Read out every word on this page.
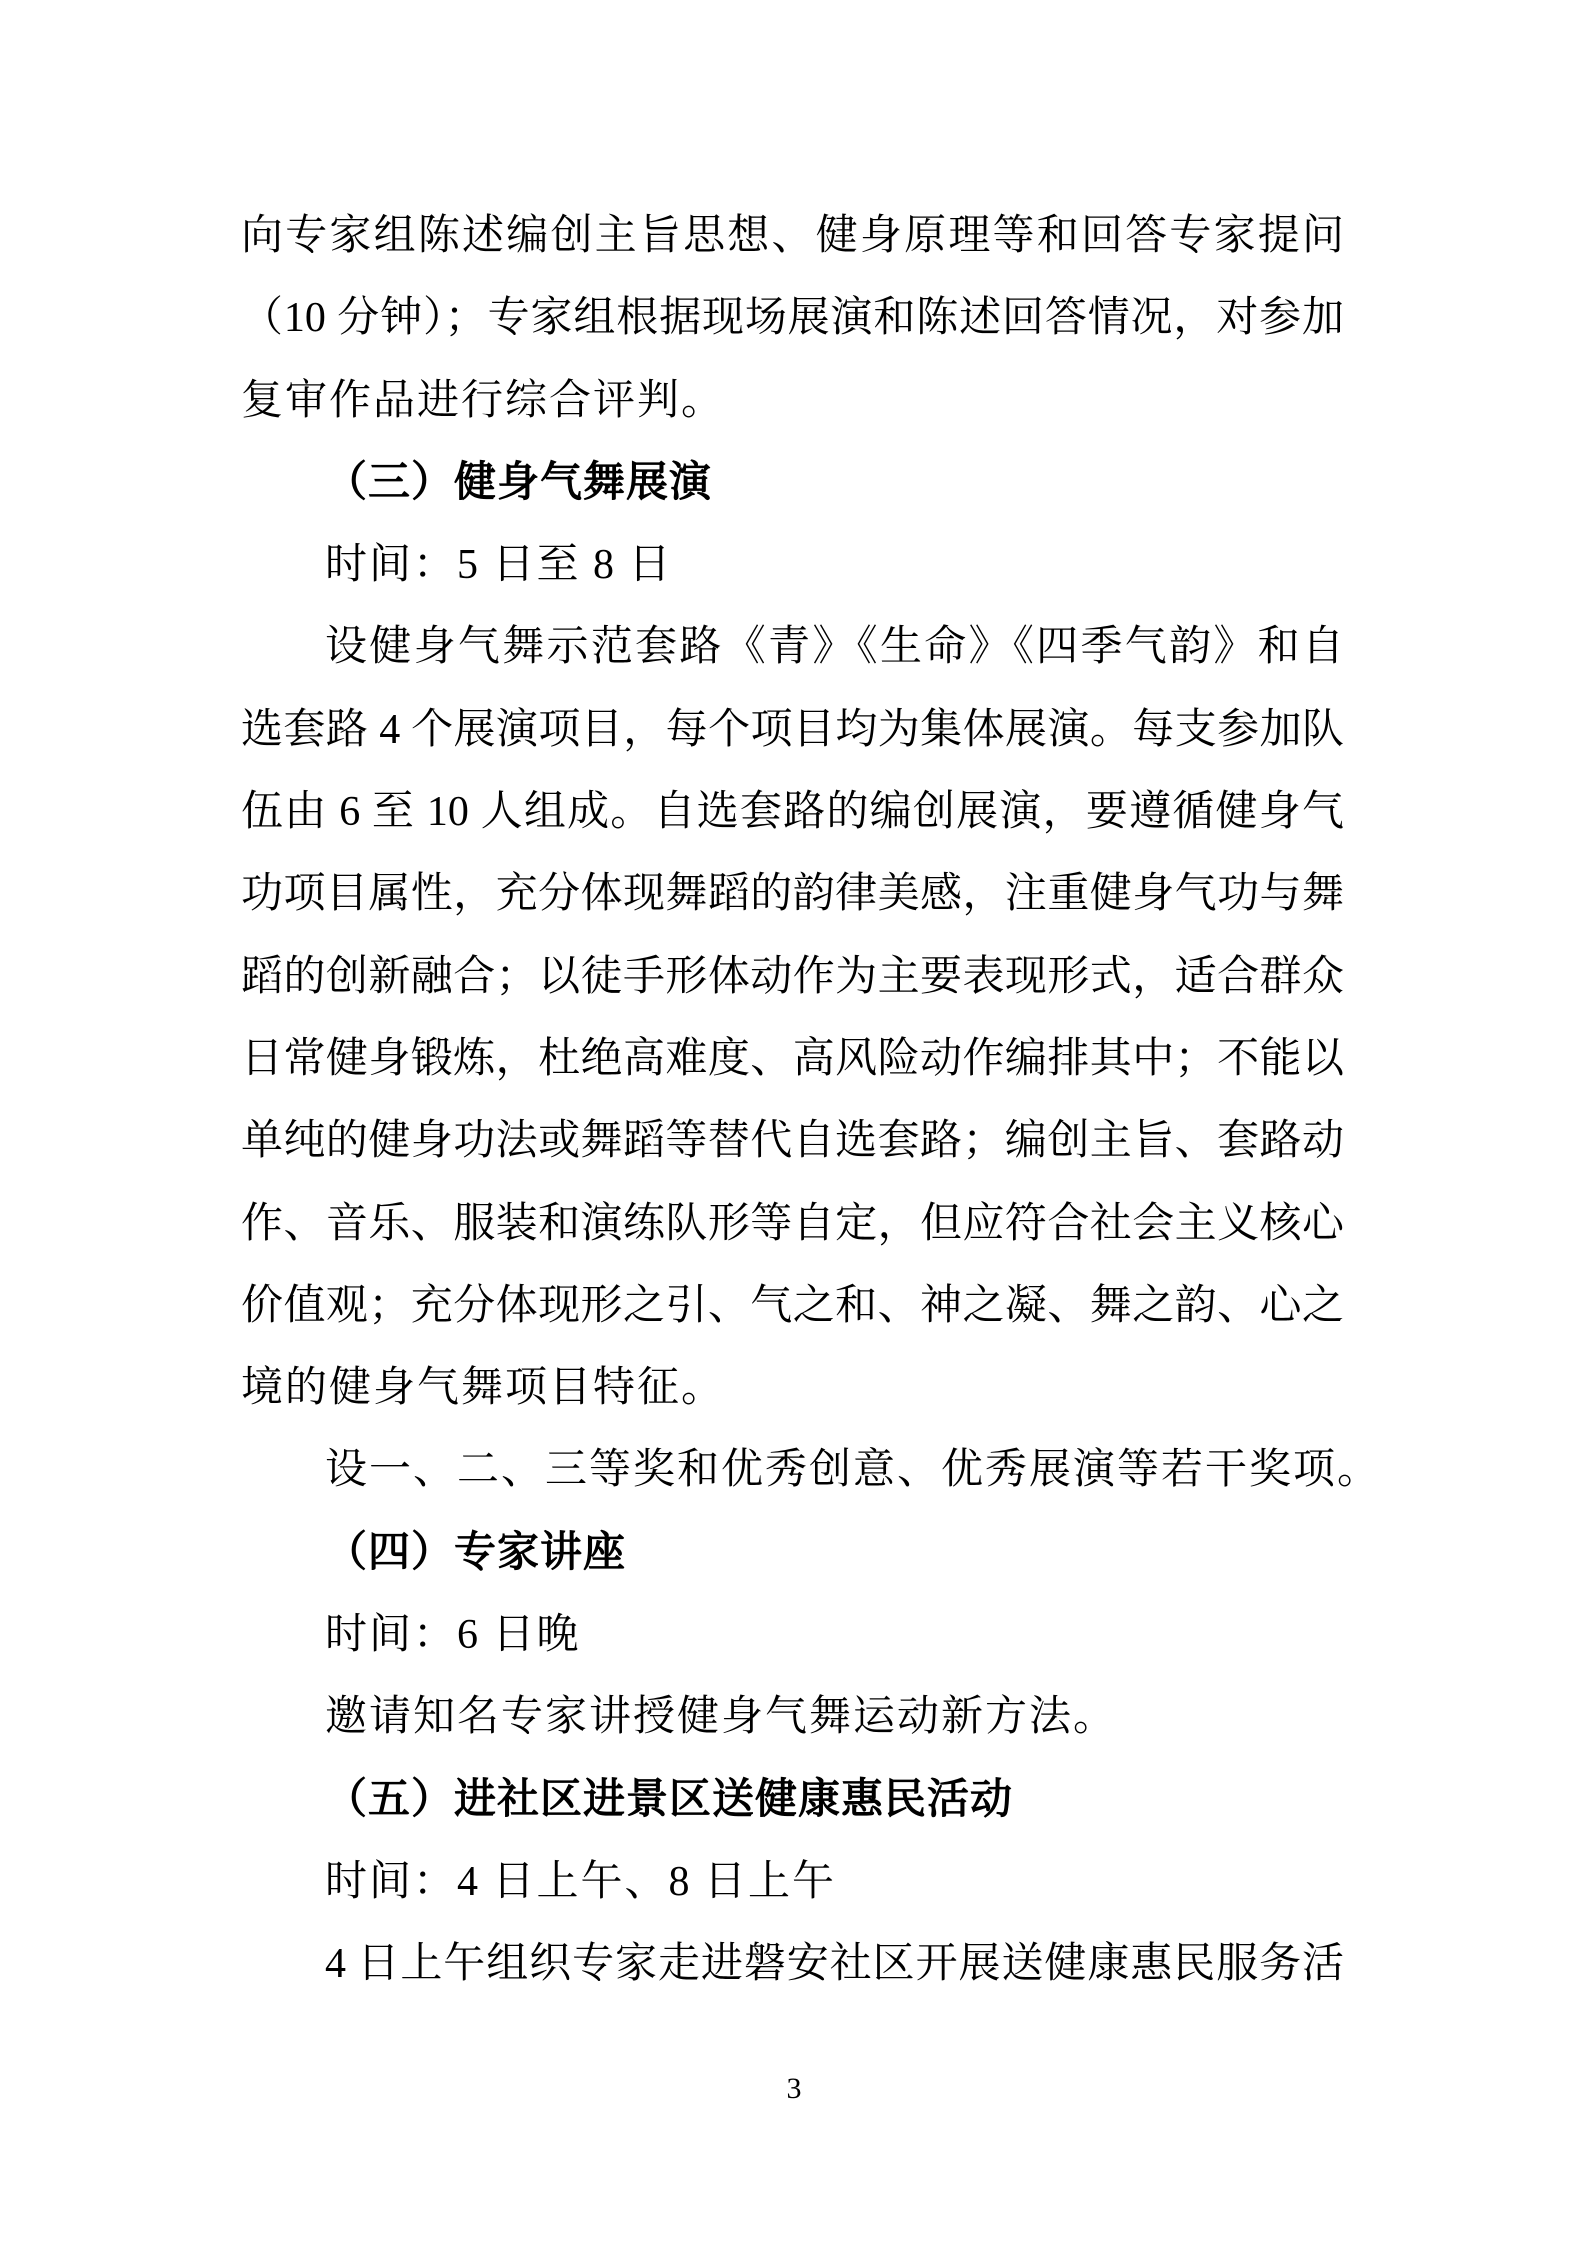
向专家组陈述编创主旨思想、健身原理等和回答专家提问

（10 分钟）；专家组根据现场展演和陈述回答情况，对参加

复审作品进行综合评判。

（三）健身气舞展演

时间：5 日至 8 日

设健身气舞示范套路《青》《生命》《四季气韵》和自

选套路 4 个展演项目，每个项目均为集体展演。每支参加队

伍由 6 至 10 人组成。自选套路的编创展演，要遵循健身气

功项目属性，充分体现舞蹈的韵律美感，注重健身气功与舞

蹈的创新融合；以徒手形体动作为主要表现形式，适合群众

日常健身锻炼，杜绝高难度、高风险动作编排其中；不能以

单纯的健身功法或舞蹈等替代自选套路；编创主旨、套路动

作、音乐、服装和演练队形等自定，但应符合社会主义核心

价值观；充分体现形之引、气之和、神之凝、舞之韵、心之

境的健身气舞项目特征。

设一、二、三等奖和优秀创意、优秀展演等若干奖项。

（四）专家讲座

时间：6 日晚

邀请知名专家讲授健身气舞运动新方法。

（五）进社区进景区送健康惠民活动

时间：4 日上午、8 日上午

4 日上午组织专家走进磐安社区开展送健康惠民服务活

3
